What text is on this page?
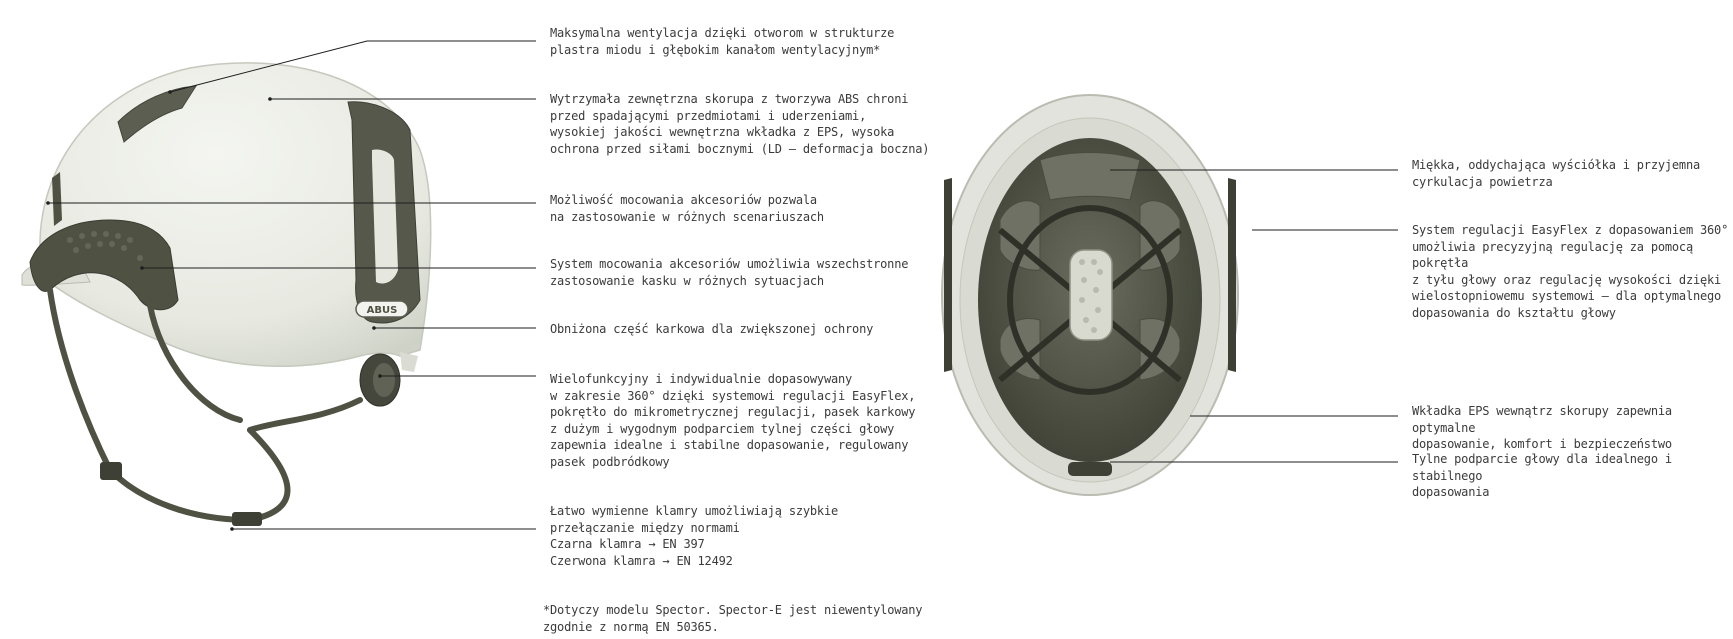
ABUS
Maksymalna wentylacja dzięki otworom w strukturze
plastra miodu i głębokim kanałom wentylacyjnym*
Wytrzymała zewnętrzna skorupa z tworzywa ABS chroni
przed spadającymi przedmiotami i uderzeniami,
wysokiej jakości wewnętrzna wkładka z EPS, wysoka
ochrona przed siłami bocznymi (LD – deformacja boczna)
Możliwość mocowania akcesoriów pozwala
na zastosowanie w różnych scenariuszach
System mocowania akcesoriów umożliwia wszechstronne
zastosowanie kasku w różnych sytuacjach
Obniżona część karkowa dla zwiększonej ochrony
Wielofunkcyjny i indywidualnie dopasowywany
w zakresie 360° dzięki systemowi regulacji EasyFlex,
pokrętło do mikrometrycznej regulacji, pasek karkowy
z dużym i wygodnym podparciem tylnej części głowy
zapewnia idealne i stabilne dopasowanie, regulowany
pasek podbródkowy
Łatwo wymienne klamry umożliwiają szybkie
przełączanie między normami
Czarna klamra → EN 397
Czerwona klamra → EN 12492
*Dotyczy modelu Spector. Spector-E jest niewentylowany
zgodnie z normą EN 50365.
Miękka, oddychająca wyściółka i przyjemna
cyrkulacja powietrza
System regulacji EasyFlex z dopasowaniem 360°
umożliwia precyzyjną regulację za pomocą pokrętła
z tyłu głowy oraz regulację wysokości dzięki
wielostopniowemu systemowi – dla optymalnego
dopasowania do kształtu głowy
Wkładka EPS wewnątrz skorupy zapewnia optymalne
dopasowanie, komfort i bezpieczeństwo
Tylne podparcie głowy dla idealnego i stabilnego
dopasowania
